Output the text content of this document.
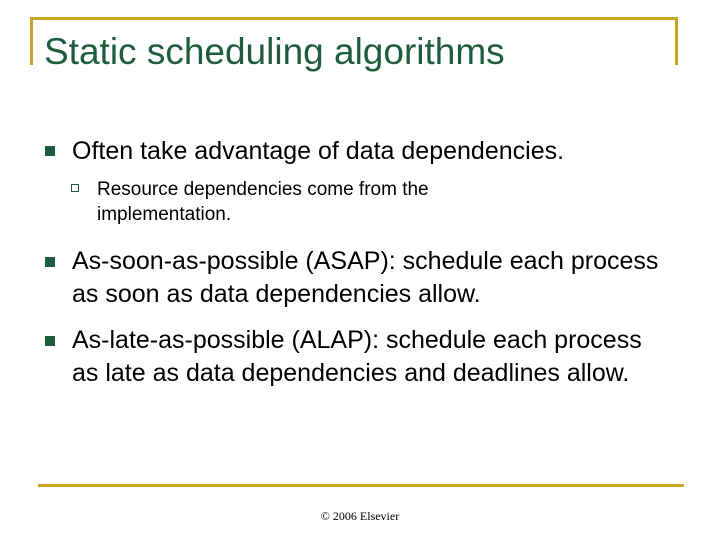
Static scheduling algorithms
Often take advantage of data dependencies.
Resource dependencies come from the implementation.
As-soon-as-possible (ASAP): schedule each process as soon as data dependencies allow.
As-late-as-possible (ALAP): schedule each process as late as data dependencies and deadlines allow.
© 2006 Elsevier
